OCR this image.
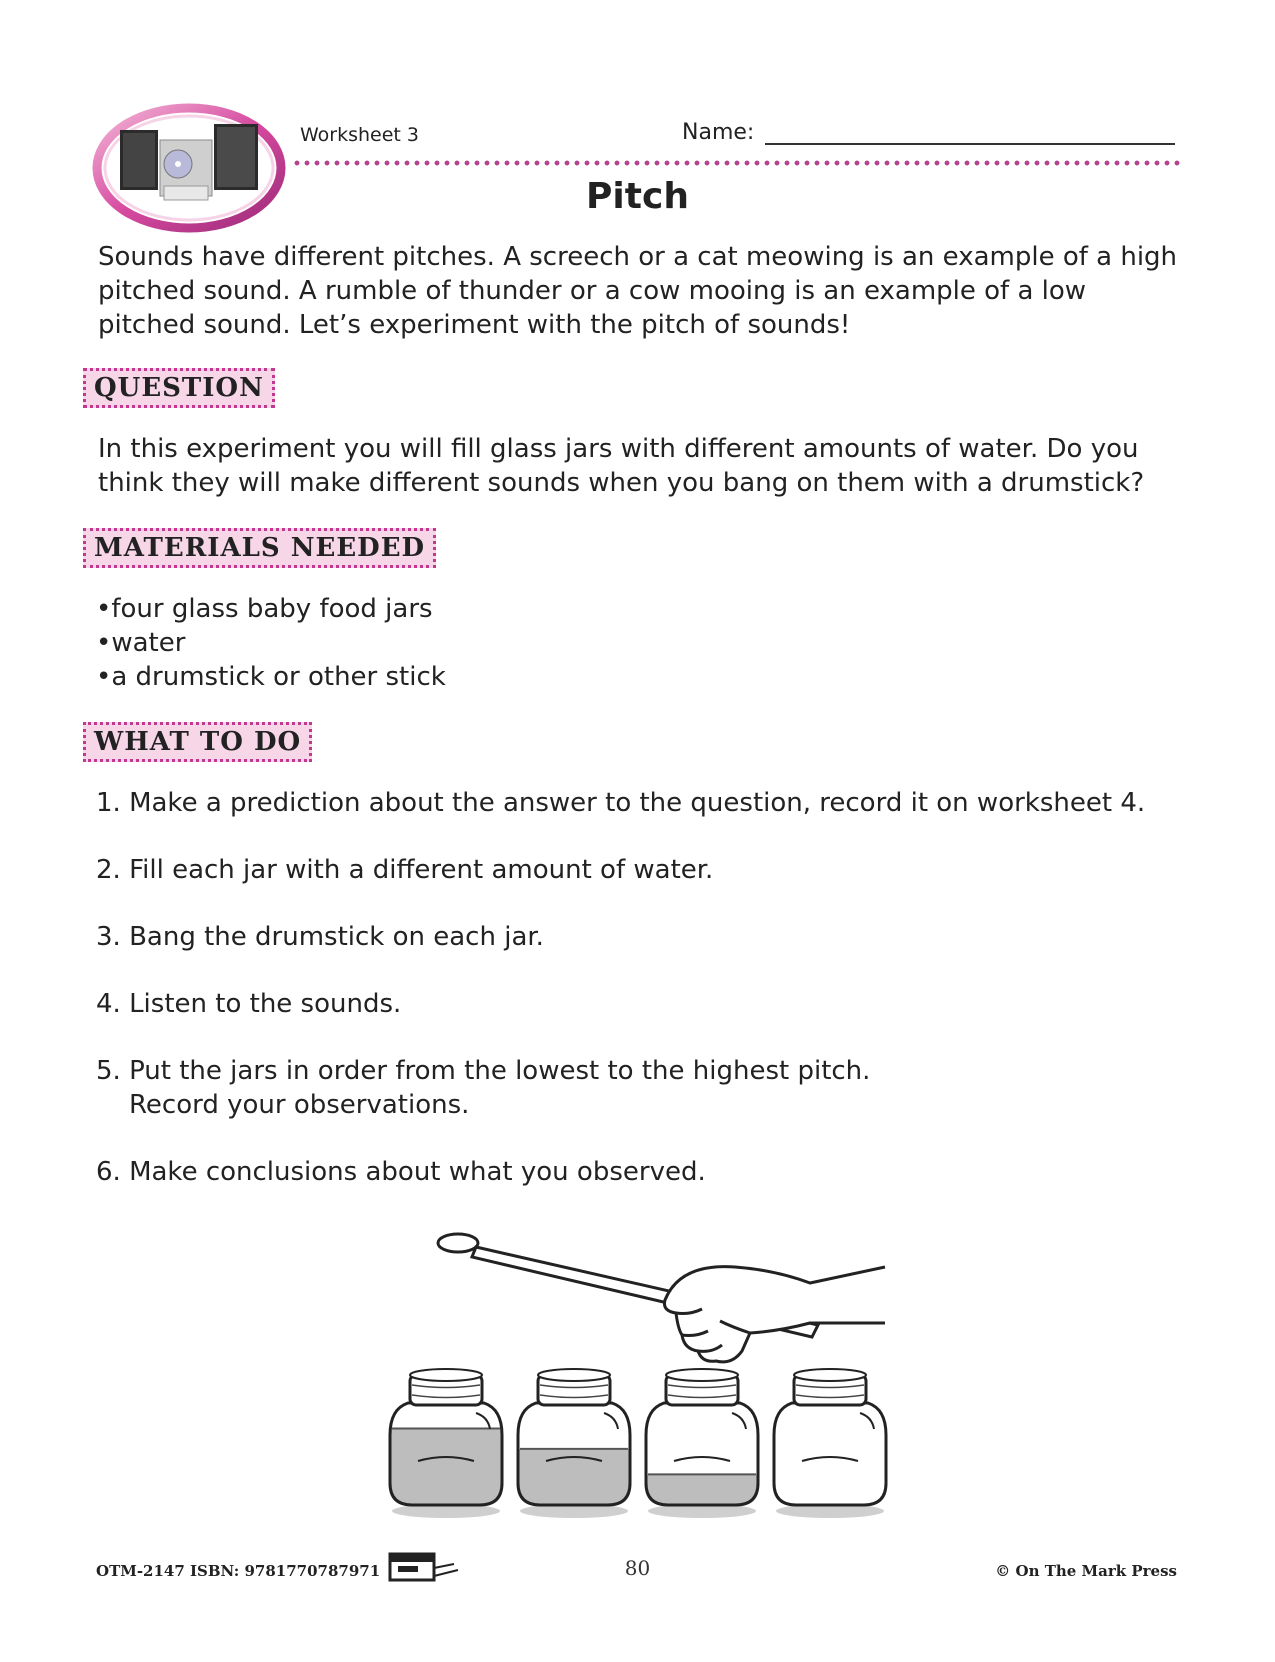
Worksheet 3	Name:
Pitch
Sounds have different pitches. A screech or a cat meowing is an example of a high pitched sound. A rumble of thunder or a cow mooing is an example of a low pitched sound. Let’s experiment with the pitch of sounds!
QUESTION
In this experiment you will fill glass jars with different amounts of water. Do you think they will make different sounds when you bang on them with a drumstick?
MATERIALS NEEDED
•four glass baby food jars
•water
•a drumstick or other stick
WHAT TO DO
1. Make a prediction about the answer to the question, record it on worksheet 4.
2. Fill each jar with a different amount of water.
3. Bang the drumstick on each jar.
4. Listen to the sounds.
5. Put the jars in order from the lowest to the highest pitch.
Record your observations.
6. Make conclusions about what you observed.
OTM-2147 ISBN: 9781770787971	80	© On The Mark Press
